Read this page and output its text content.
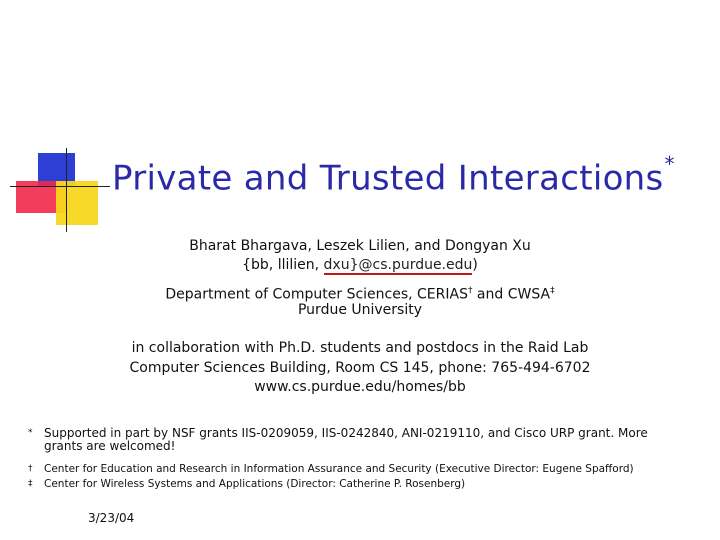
Private and Trusted Interactions*
Bharat Bhargava, Leszek Lilien, and Dongyan Xu
{bb, llilien, dxu}@cs.purdue.edu)
Department of Computer Sciences, CERIAS† and CWSA‡
Purdue University
in collaboration with Ph.D. students and postdocs in the Raid Lab
Computer Sciences Building, Room CS 145, phone: 765-494-6702
www.cs.purdue.edu/homes/bb
* Supported in part by NSF grants IIS-0209059, IIS-0242840, ANI-0219110, and Cisco URP grant. More
grants are welcomed!
† Center for Education and Research in Information Assurance and Security (Executive Director: Eugene Spafford)
‡ Center for Wireless Systems and Applications (Director: Catherine P. Rosenberg)
3/23/04
